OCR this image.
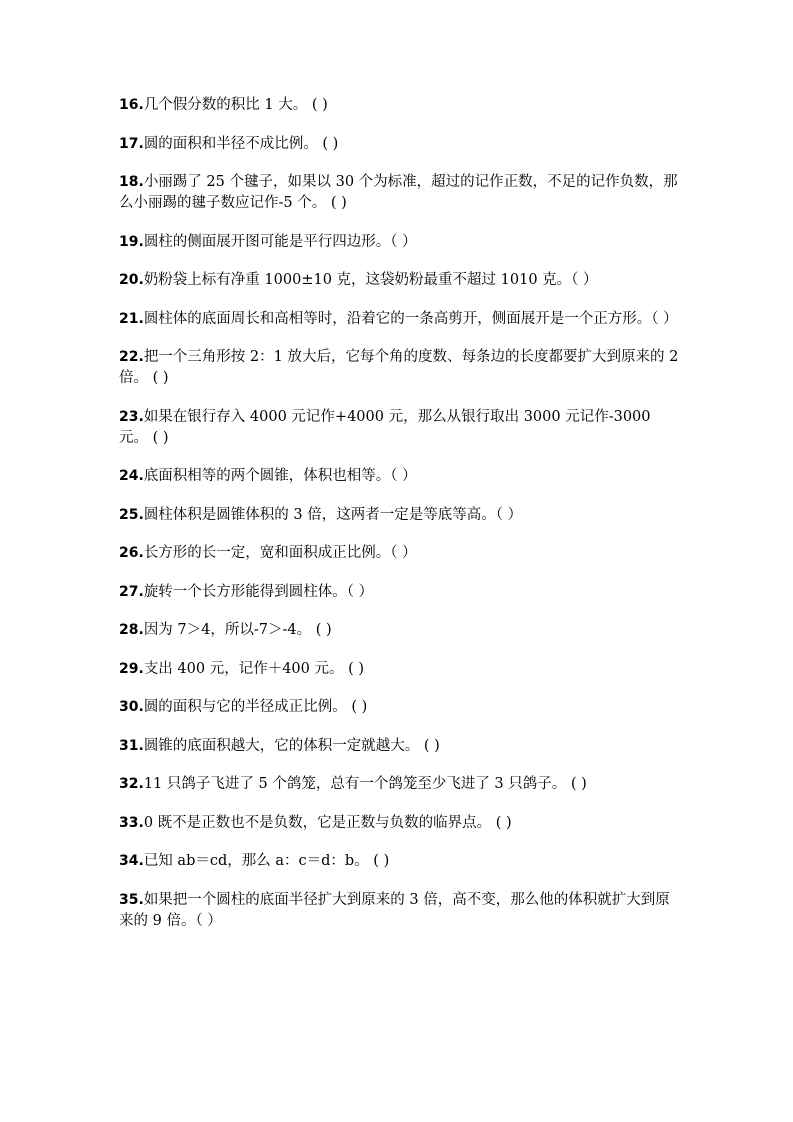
16.几个假分数的积比 1 大。 ( )
17.圆的面积和半径不成比例。 ( )
18.小丽踢了 25 个毽子，如果以 30 个为标准，超过的记作正数，不足的记作负数，那么小丽踢的毽子数应记作-5 个。 ( )
19.圆柱的侧面展开图可能是平行四边形。（ ）
20.奶粉袋上标有净重 1000±10 克，这袋奶粉最重不超过 1010 克。（ ）
21.圆柱体的底面周长和高相等时，沿着它的一条高剪开，侧面展开是一个正方形。（ ）
22.把一个三角形按 2：1 放大后，它每个角的度数、每条边的长度都要扩大到原来的 2 倍。 ( )
23.如果在银行存入 4000 元记作+4000 元，那么从银行取出 3000 元记作-3000 元。 ( )
24.底面积相等的两个圆锥，体积也相等。（ ）
25.圆柱体积是圆锥体积的 3 倍，这两者一定是等底等高。（ ）
26.长方形的长一定，宽和面积成正比例。（ ）
27.旋转一个长方形能得到圆柱体。（ ）
28.因为 7＞4，所以-7＞-4。 ( )
29.支出 400 元，记作＋400 元。 ( )
30.圆的面积与它的半径成正比例。 ( )
31.圆锥的底面积越大，它的体积一定就越大。 ( )
32.11 只鸽子飞进了 5 个鸽笼，总有一个鸽笼至少飞进了 3 只鸽子。 ( )
33.0 既不是正数也不是负数，它是正数与负数的临界点。 ( )
34.已知 ab＝cd，那么 a：c＝d：b。 ( )
35.如果把一个圆柱的底面半径扩大到原来的 3 倍，高不变，那么他的体积就扩大到原来的 9 倍。（ ）
